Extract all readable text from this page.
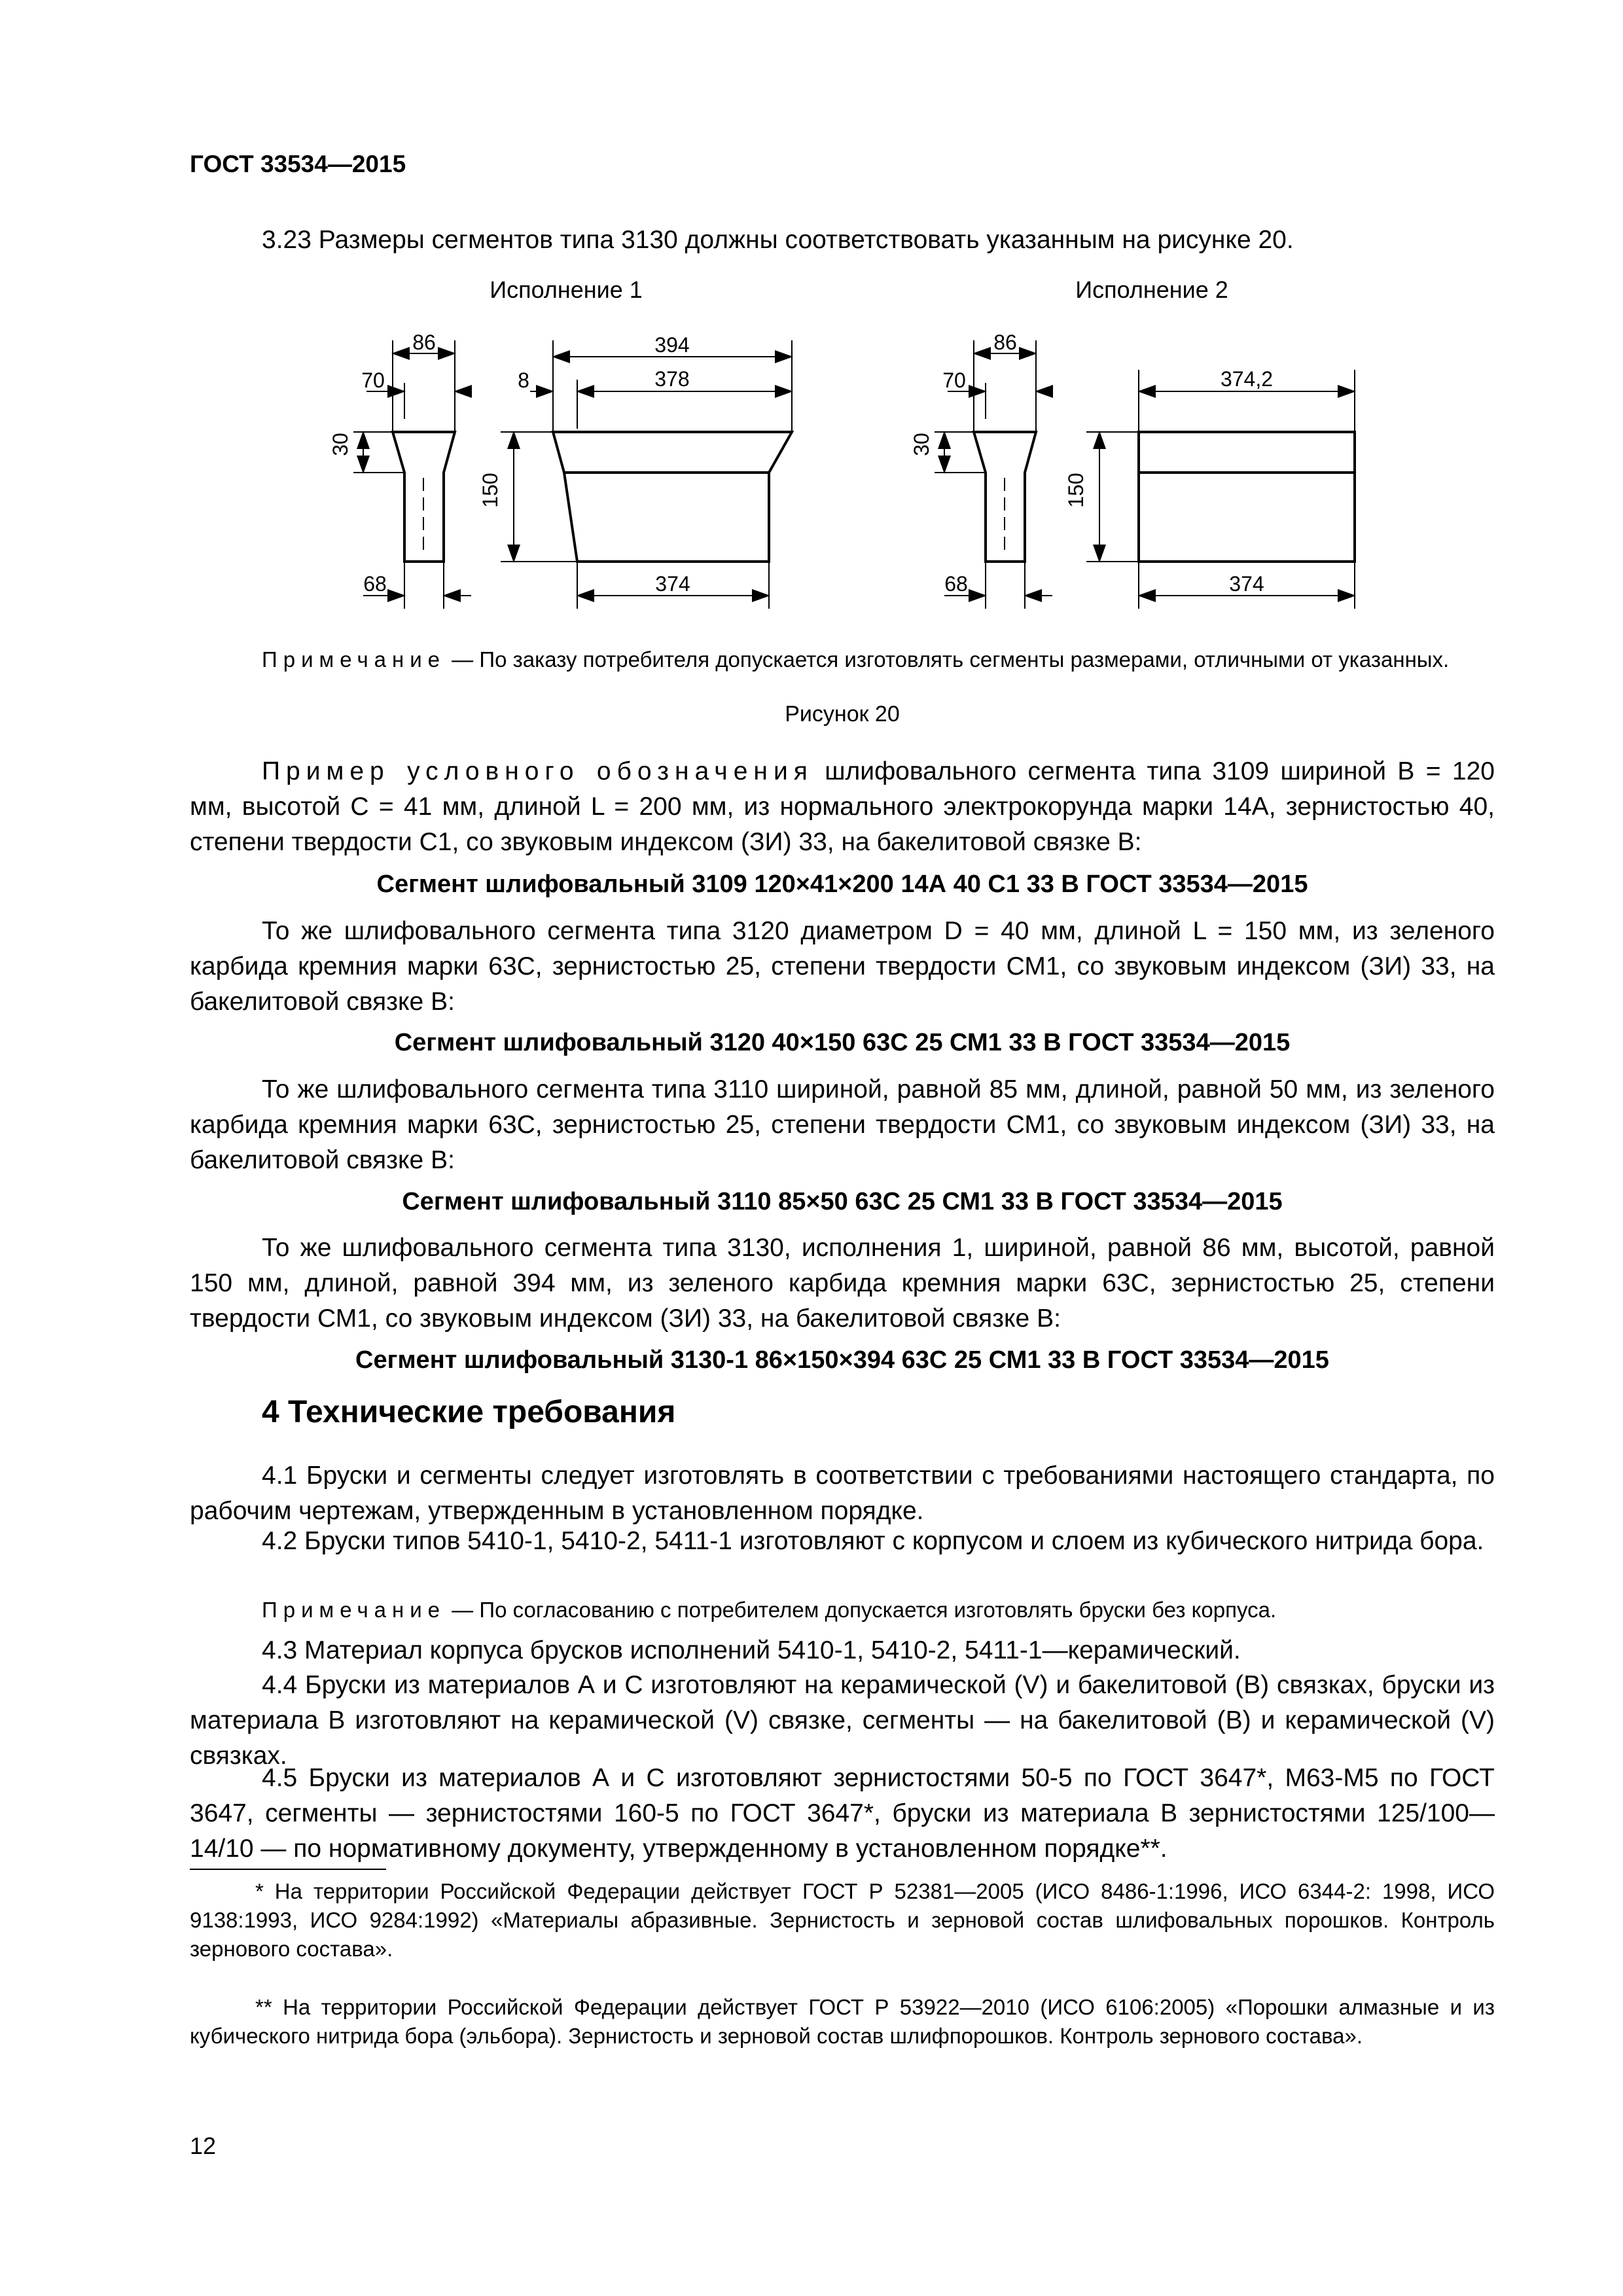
ГОСТ 33534—2015
3.23 Размеры сегментов типа 3130 должны соответствовать указанным на рисунке 20.
Исполнение 1	Исполнение 2
86
70
30
68
394
378
8
150
374
86
70
30
68
374,2
150
374
Примечание — По заказу потребителя допускается изготовлять сегменты размерами, отличными от указанных.
Рисунок 20
Пример условного обозначения шлифовального сегмента типа 3109 шириной B = 120 мм, высотой C = 41 мм, длиной L = 200 мм, из нормального электрокорунда марки 14А, зернистостью 40, степени твердости С1, со звуковым индексом (ЗИ) 33, на бакелитовой связке В:
Сегмент шлифовальный 3109 120×41×200 14А 40 С1 33 В ГОСТ 33534—2015
То же шлифовального сегмента типа 3120 диаметром D = 40 мм, длиной L = 150 мм, из зеленого карбида кремния марки 63С, зернистостью 25, степени твердости СМ1, со звуковым индексом (ЗИ) 33, на бакелитовой связке В:
Сегмент шлифовальный 3120 40×150 63С 25 СМ1 33 В ГОСТ 33534—2015
То же шлифовального сегмента типа 3110 шириной, равной 85 мм, длиной, равной 50 мм, из зеленого карбида кремния марки 63С, зернистостью 25, степени твердости СМ1, со звуковым индексом (ЗИ) 33, на бакелитовой связке В:
Сегмент шлифовальный 3110 85×50 63С 25 СМ1 33 В ГОСТ 33534—2015
То же шлифовального сегмента типа 3130, исполнения 1, шириной, равной 86 мм, высотой, равной 150 мм, длиной, равной 394 мм, из зеленого карбида кремния марки 63С, зернистостью 25, степени твердости СМ1, со звуковым индексом (ЗИ) 33, на бакелитовой связке В:
Сегмент шлифовальный 3130-1 86×150×394 63С 25 СМ1 33 В ГОСТ 33534—2015
4 Технические требования
4.1 Бруски и сегменты следует изготовлять в соответствии с требованиями настоящего стандарта, по рабочим чертежам, утвержденным в установленном порядке.
4.2 Бруски типов 5410-1, 5410-2, 5411-1 изготовляют с корпусом и слоем из кубического нитрида бора.
Примечание — По согласованию с потребителем допускается изготовлять бруски без корпуса.
4.3 Материал корпуса брусков исполнений 5410-1, 5410-2, 5411-1—керамический.
4.4 Бруски из материалов А и С изготовляют на керамической (V) и бакелитовой (В) связках, бруски из материала В изготовляют на керамической (V) связке, сегменты — на бакелитовой (В) и керамической (V) связках.
4.5 Бруски из материалов А и С изготовляют зернистостями 50-5 по ГОСТ 3647*, М63-М5 по ГОСТ 3647, сегменты — зернистостями 160-5 по ГОСТ 3647*, бруски из материала В зернистостями 125/100—14/10 — по нормативному документу, утвержденному в установленном порядке**.
* На территории Российской Федерации действует ГОСТ Р 52381—2005 (ИСО 8486-1:1996, ИСО 6344-2: 1998, ИСО 9138:1993, ИСО 9284:1992) «Материалы абразивные. Зернистость и зерновой состав шлифовальных порошков. Контроль зернового состава».
** На территории Российской Федерации действует ГОСТ Р 53922—2010 (ИСО 6106:2005) «Порошки алмазные и из кубического нитрида бора (эльбора). Зернистость и зерновой состав шлифпорошков. Контроль зернового состава».
12
